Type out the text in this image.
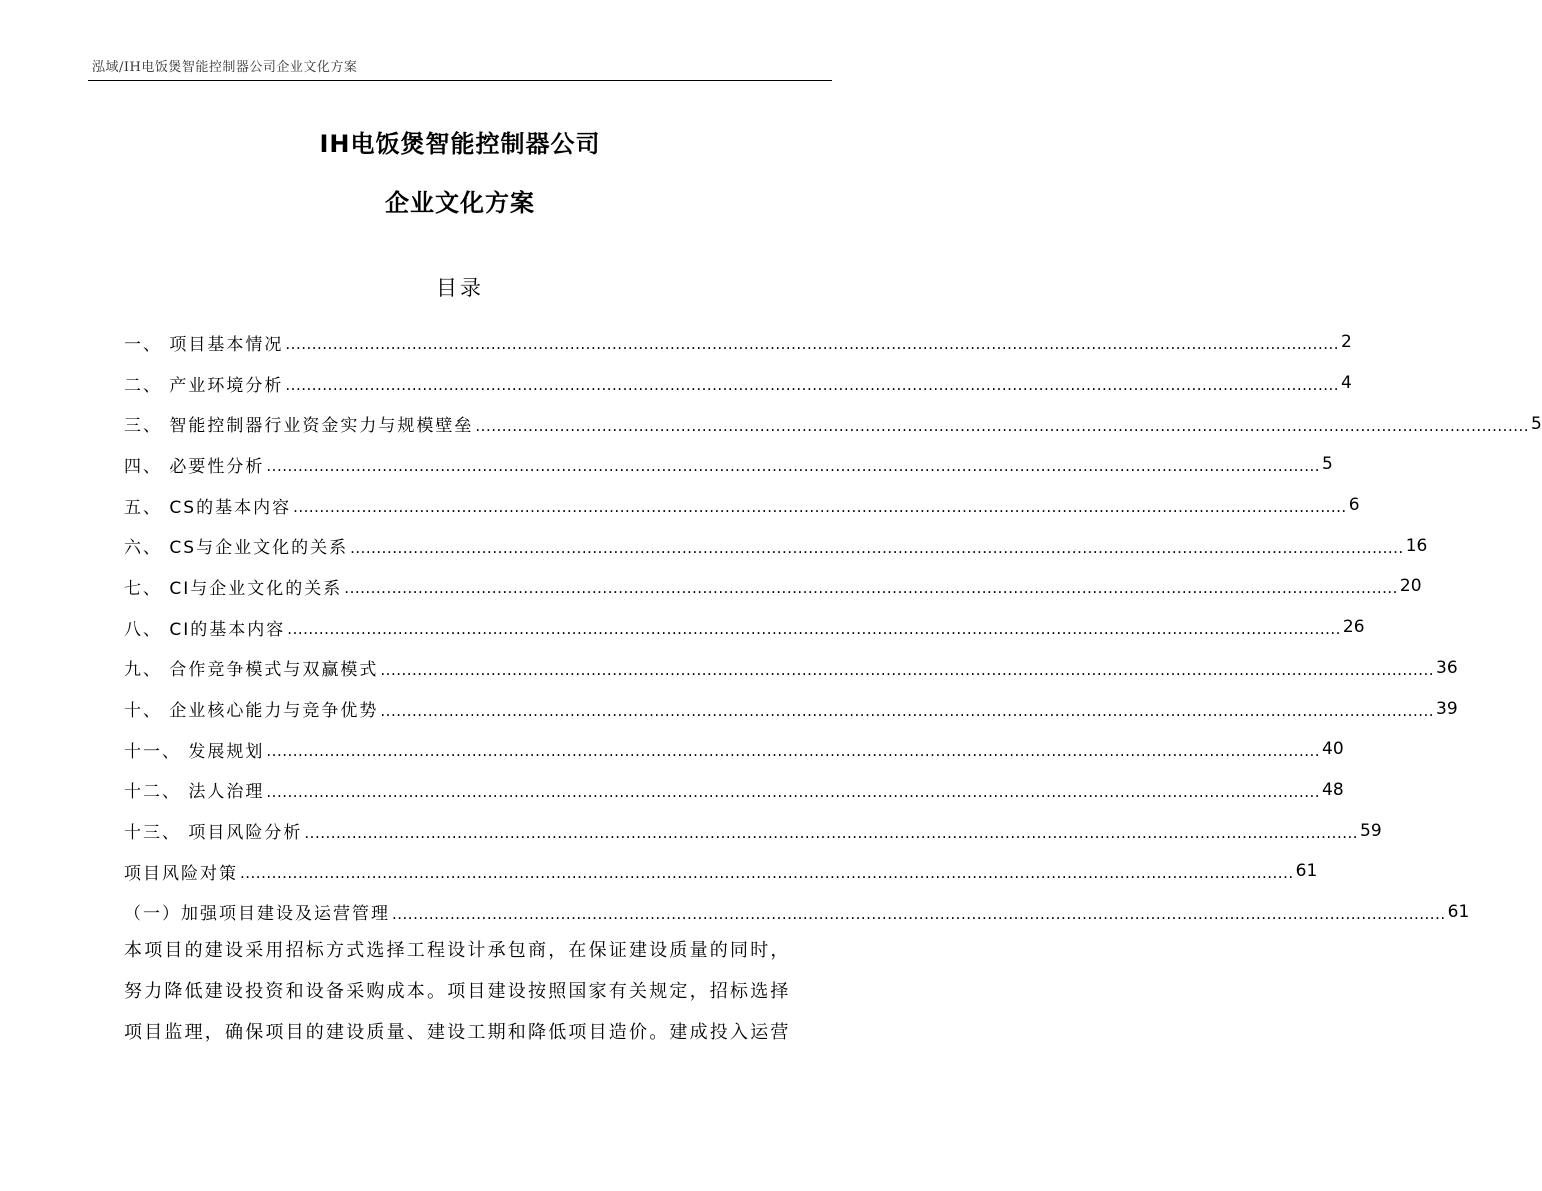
泓域/IH电饭煲智能控制器公司企业文化方案
IH电饭煲智能控制器公司
企业文化方案
目录
一、 项目基本情况 ........................................................................................................................................................................................................ 2
二、 产业环境分析 ........................................................................................................................................................................................................ 4
三、 智能控制器行业资金实力与规模壁垒 ........................................................................................................................................................................................................ 5
四、 必要性分析 ........................................................................................................................................................................................................ 5
五、 CS的基本内容 ........................................................................................................................................................................................................ 6
六、 CS与企业文化的关系 ........................................................................................................................................................................................................ 16
七、 CI与企业文化的关系 ........................................................................................................................................................................................................ 20
八、 CI的基本内容 ........................................................................................................................................................................................................ 26
九、 合作竞争模式与双赢模式 ........................................................................................................................................................................................................ 36
十、 企业核心能力与竞争优势 ........................................................................................................................................................................................................ 39
十一、 发展规划 ........................................................................................................................................................................................................ 40
十二、 法人治理 ........................................................................................................................................................................................................ 48
十三、 项目风险分析 ........................................................................................................................................................................................................ 59
项目风险对策 ........................................................................................................................................................................................................ 61
（一）加强项目建设及运营管理 ........................................................................................................................................................................................................ 61
本项目的建设采用招标方式选择工程设计承包商，在保证建设质量的同时，
努力降低建设投资和设备采购成本。项目建设按照国家有关规定，招标选择
项目监理，确保项目的建设质量、建设工期和降低项目造价。建成投入运营
